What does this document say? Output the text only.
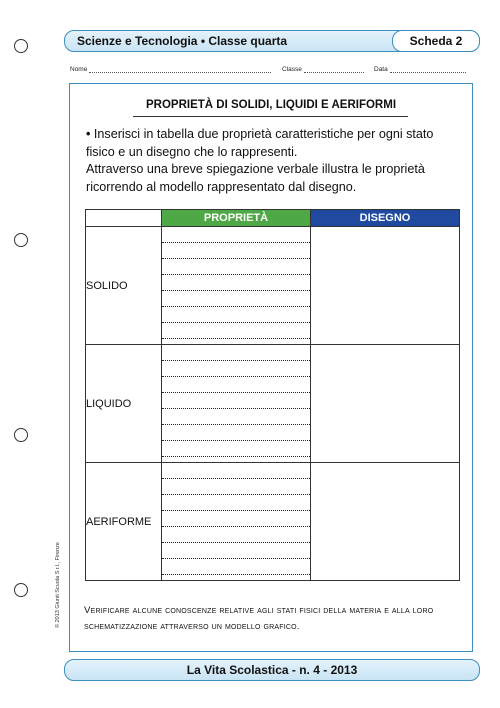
Scienze e Tecnologia • Classe quarta	Scheda 2
Nome	Classe	Data
PROPRIETÀ DI SOLIDI, LIQUIDI E AERIFORMI
• Inserisci in tabella due proprietà caratteristiche per ogni stato fisico e un disegno che lo rappresenti.
Attraverso una breve spiegazione verbale illustra le proprietà ricorrendo al modello rappresentato dal disegno.
	PROPRIETÀ	DISEGNO
SOLIDO	

LIQUIDO	

AERIFORME	

Verificare alcune conoscenze relative agli stati fisici della materia e alla loro schematizzazione attraverso un modello grafico.
© 2013 Giunti Scuola S.r.l., Firenze
La Vita Scolastica - n. 4 - 2013
